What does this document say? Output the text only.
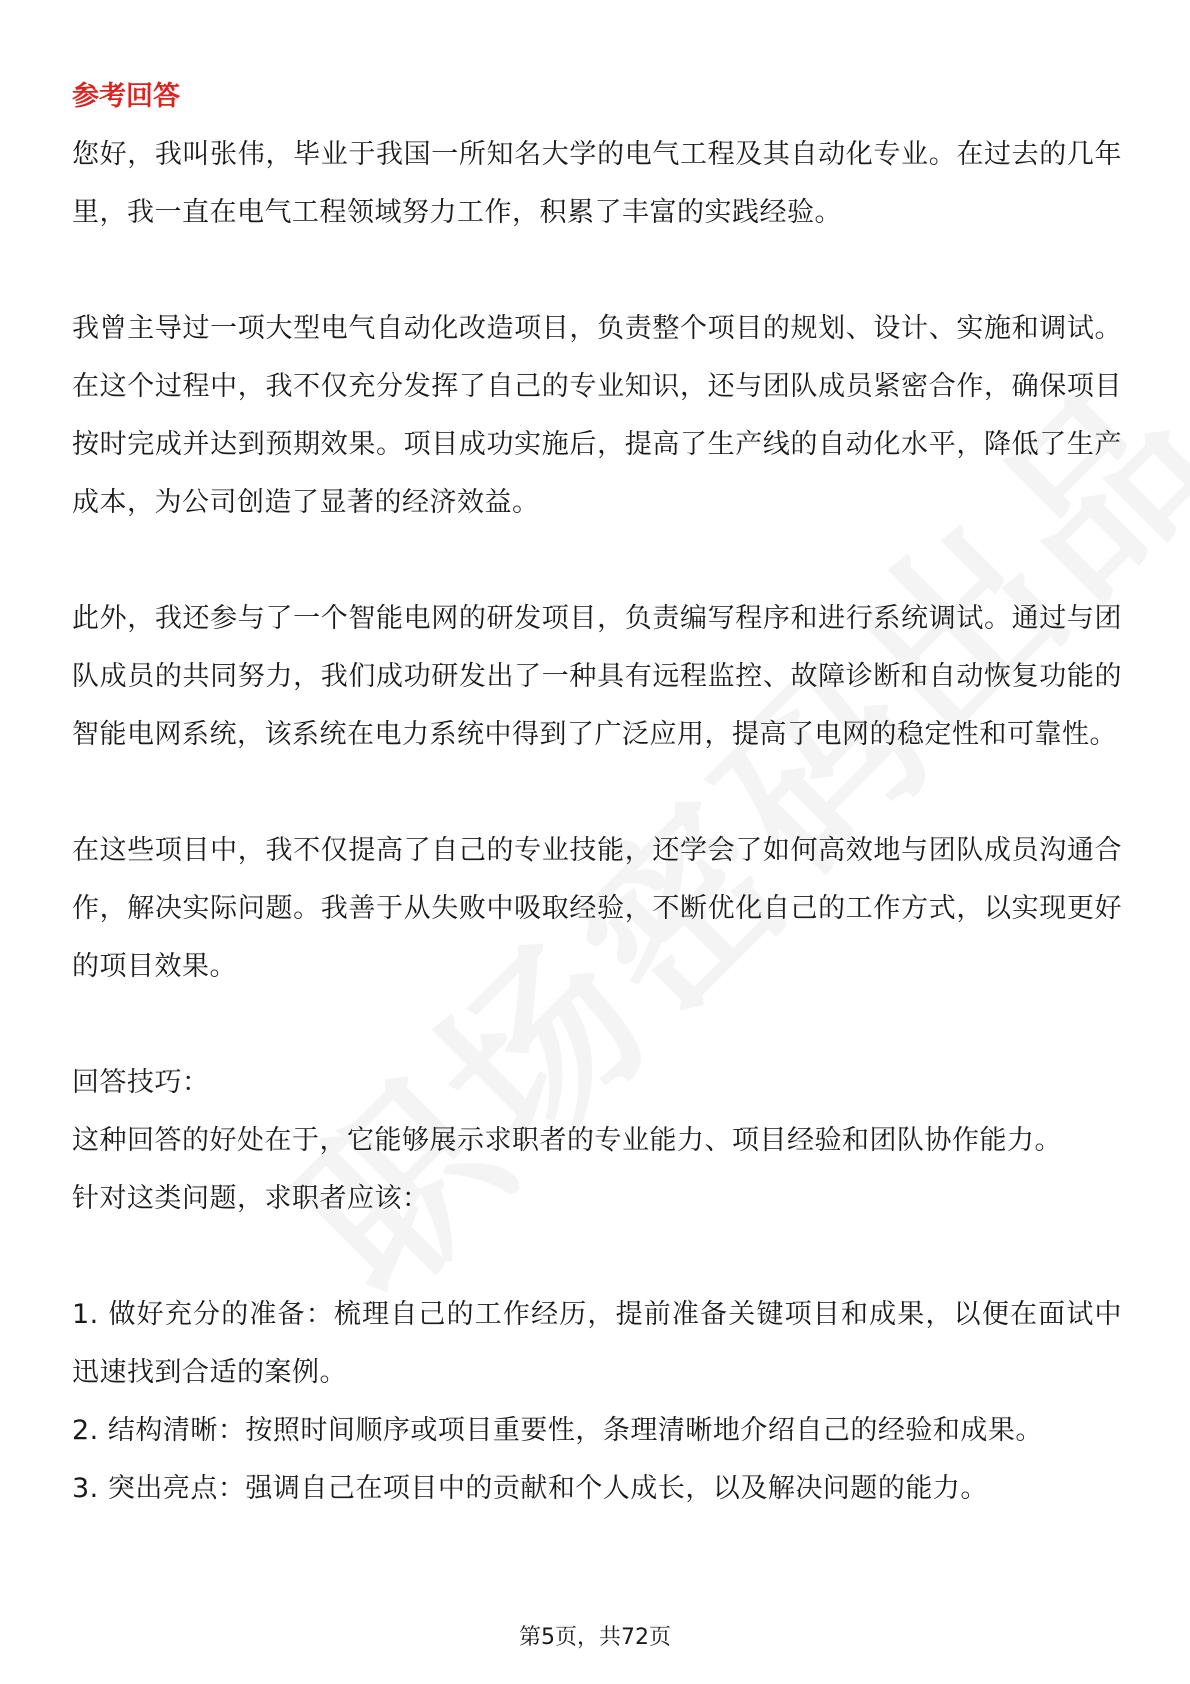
参考回答

您好，我叫张伟，毕业于我国一所知名大学的电气工程及其自动化专业。在过去的几年里，我一直在电气工程领域努力工作，积累了丰富的实践经验。

我曾主导过一项大型电气自动化改造项目，负责整个项目的规划、设计、实施和调试。在这个过程中，我不仅充分发挥了自己的专业知识，还与团队成员紧密合作，确保项目按时完成并达到预期效果。项目成功实施后，提高了生产线的自动化水平，降低了生产成本，为公司创造了显著的经济效益。

此外，我还参与了一个智能电网的研发项目，负责编写程序和进行系统调试。通过与团队成员的共同努力，我们成功研发出了一种具有远程监控、故障诊断和自动恢复功能的智能电网系统，该系统在电力系统中得到了广泛应用，提高了电网的稳定性和可靠性。

在这些项目中，我不仅提高了自己的专业技能，还学会了如何高效地与团队成员沟通合作，解决实际问题。我善于从失败中吸取经验，不断优化自己的工作方式，以实现更好的项目效果。

回答技巧：

这种回答的好处在于，它能够展示求职者的专业能力、项目经验和团队协作能力。

针对这类问题，求职者应该：

1. 做好充分的准备：梳理自己的工作经历，提前准备关键项目和成果，以便在面试中迅速找到合适的案例。

2. 结构清晰：按照时间顺序或项目重要性，条理清晰地介绍自己的经验和成果。

3. 突出亮点：强调自己在项目中的贡献和个人成长，以及解决问题的能力。

第5页，共72页
